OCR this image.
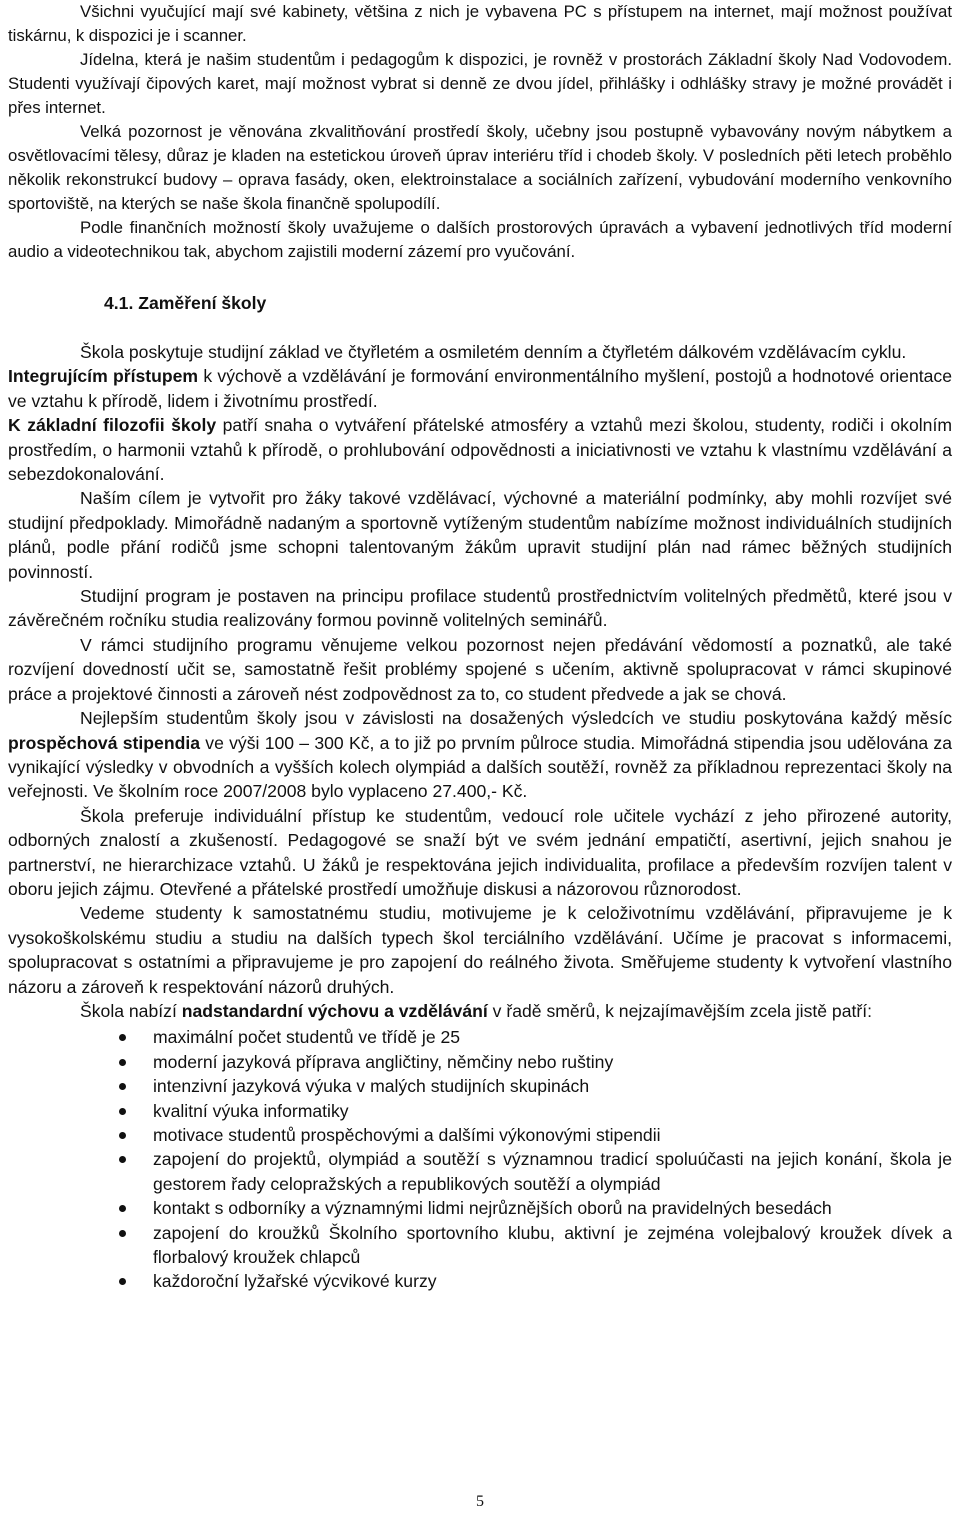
Všichni vyučující mají své kabinety, většina z nich je vybavena PC s přístupem na internet, mají možnost používat tiskárnu, k dispozici je i scanner.

Jídelna, která je našim studentům i pedagogům k dispozici, je rovněž v prostorách Základní školy Nad Vodovodem. Studenti využívají čipových karet, mají možnost vybrat si denně ze dvou jídel, přihlášky i odhlášky stravy je možné provádět i přes internet.

Velká pozornost je věnována zkvalitňování prostředí školy, učebny jsou postupně vybavovány novým nábytkem a osvětlovacími tělesy, důraz je kladen na estetickou úroveň úprav interiéru tříd i chodeb školy. V posledních pěti letech proběhlo několik rekonstrukcí budovy – oprava fasády, oken, elektroinstalace a sociálních zařízení, vybudování moderního venkovního sportoviště, na kterých se naše škola finančně spolupodílí.

Podle finančních možností školy uvažujeme o dalších prostorových úpravách a vybavení jednotlivých tříd moderní audio a videotechnikou tak, abychom zajistili moderní zázemí pro vyučování.

4.1. Zaměření školy

Škola poskytuje studijní základ ve čtyřletém a osmiletém denním a čtyřletém dálkovém vzdělávacím cyklu.

Integrujícím přístupem k výchově a vzdělávání je formování environmentálního myšlení, postojů a hodnotové orientace ve vztahu k přírodě, lidem i životnímu prostředí.

K základní filozofii školy patří snaha o vytváření přátelské atmosféry a vztahů mezi školou, studenty, rodiči i okolním prostředím, o harmonii vztahů k přírodě, o prohlubování odpovědnosti a iniciativnosti ve vztahu k vlastnímu vzdělávání a sebezdokonalování.

Naším cílem je vytvořit pro žáky takové vzdělávací, výchovné a materiální podmínky, aby mohli rozvíjet své studijní předpoklady. Mimořádně nadaným a sportovně vytíženým studentům nabízíme možnost individuálních studijních plánů, podle přání rodičů jsme schopni talentovaným žákům upravit studijní plán nad rámec běžných studijních povinností.

Studijní program je postaven na principu profilace studentů prostřednictvím volitelných předmětů, které jsou v závěrečném ročníku studia realizovány formou povinně volitelných seminářů.

V rámci studijního programu věnujeme velkou pozornost nejen předávání vědomostí a poznatků, ale také rozvíjení dovedností učit se, samostatně řešit problémy spojené s učením, aktivně spolupracovat v rámci skupinové práce a projektové činnosti a zároveň nést zodpovědnost za to, co student předvede a jak se chová.

Nejlepším studentům školy jsou v závislosti na dosažených výsledcích ve studiu poskytována každý měsíc prospěchová stipendia ve výši 100 – 300 Kč, a to již po prvním půlroce studia. Mimořádná stipendia jsou udělována za vynikající výsledky v obvodních a vyšších kolech olympiád a dalších soutěží, rovněž za příkladnou reprezentaci školy na veřejnosti. Ve školním roce 2007/2008 bylo vyplaceno 27.400,- Kč.

Škola preferuje individuální přístup ke studentům, vedoucí role učitele vychází z jeho přirozené autority, odborných znalostí a zkušeností. Pedagogové se snaží být ve svém jednání empatičtí, asertivní, jejich snahou je partnerství, ne hierarchizace vztahů. U žáků je respektována jejich individualita, profilace a především rozvíjen talent v oboru jejich zájmu. Otevřené a přátelské prostředí umožňuje diskusi a názorovou různorodost.

Vedeme studenty k samostatnému studiu, motivujeme je k celoživotnímu vzdělávání, připravujeme je k vysokoškolskému studiu a studiu na dalších typech škol terciálního vzdělávání. Učíme je pracovat s informacemi, spolupracovat s ostatními a připravujeme je pro zapojení do reálného života. Směřujeme studenty k vytvoření vlastního názoru a zároveň k respektování názorů druhých.

Škola nabízí nadstandardní výchovu a vzdělávání v řadě směrů, k nejzajímavějším zcela jistě patří:

maximální počet studentů ve třídě je 25
moderní jazyková příprava angličtiny, němčiny nebo ruštiny
intenzivní jazyková výuka v malých studijních skupinách
kvalitní výuka informatiky
motivace studentů prospěchovými a dalšími výkonovými stipendii
zapojení do projektů, olympiád a soutěží s významnou tradicí spoluúčasti na jejich konání, škola je gestorem řady celopražských a republikových soutěží a olympiád
kontakt s odborníky a významnými lidmi nejrůznějších oborů na pravidelných besedách
zapojení do kroužků Školního sportovního klubu, aktivní je zejména volejbalový kroužek dívek a florbalový kroužek chlapců
každoroční lyžařské výcvikové kurzy
5
